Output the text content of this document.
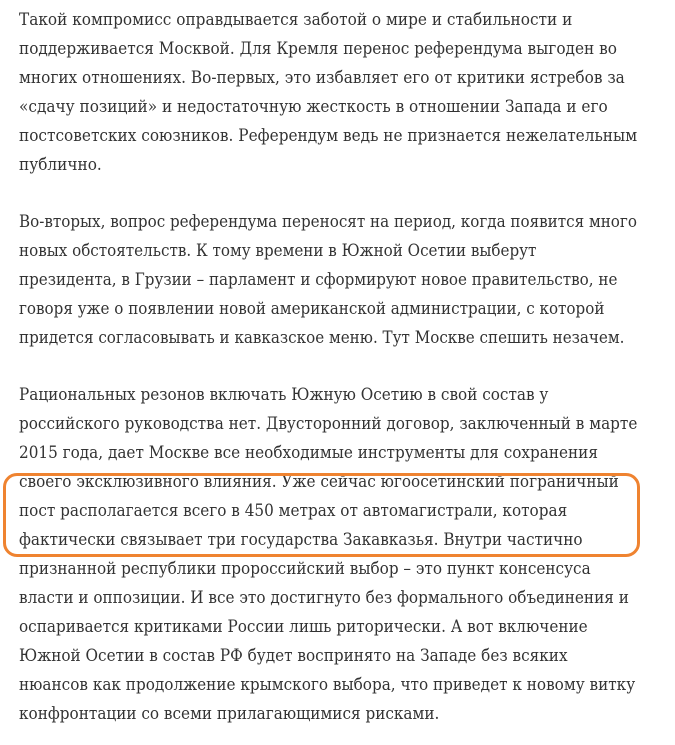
Такой компромисс оправдывается заботой о мире и стабильности и
поддерживается Москвой. Для Кремля перенос референдума выгоден во
многих отношениях. Во-первых, это избавляет его от критики ястребов за
«сдачу позиций» и недостаточную жесткость в отношении Запада и его
постсоветских союзников. Референдум ведь не признается нежелательным
публично.
Во-вторых, вопрос референдума переносят на период, когда появится много
новых обстоятельств. К тому времени в Южной Осетии выберут
президента, в Грузии – парламент и сформируют новое правительство, не
говоря уже о появлении новой американской администрации, с которой
придется согласовывать и кавказское меню. Тут Москве спешить незачем.
Рациональных резонов включать Южную Осетию в свой состав у
российского руководства нет. Двусторонний договор, заключенный в марте
2015 года, дает Москве все необходимые инструменты для сохранения
своего эксклюзивного влияния. Уже сейчас югоосетинский пограничный
пост располагается всего в 450 метрах от автомагистрали, которая
фактически связывает три государства Закавказья. Внутри частично
признанной республики пророссийский выбор – это пункт консенсуса
власти и оппозиции. И все это достигнуто без формального объединения и
оспаривается критиками России лишь риторически. А вот включение
Южной Осетии в состав РФ будет воспринято на Западе без всяких
нюансов как продолжение крымского выбора, что приведет к новому витку
конфронтации со всеми прилагающимися рисками.
